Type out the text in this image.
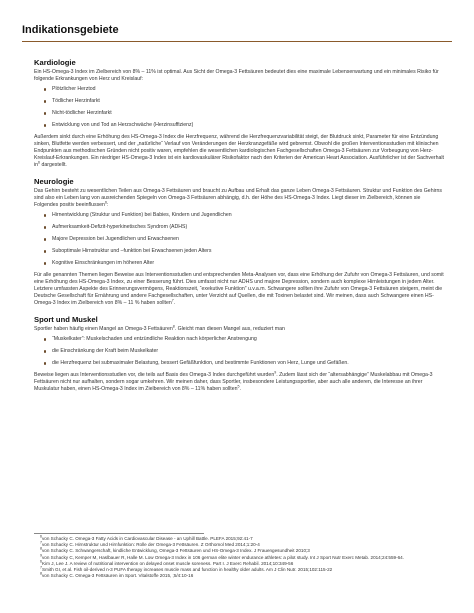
Indikationsgebiete
Kardiologie

Ein HS-Omega-3 Index im Zielbereich von 8% – 11% ist optimal. Aus Sicht der Omega-3 Fettsäuren bedeutet dies eine maximale Lebenserwartung und ein minimales Risiko für folgende Erkrankungen von Herz und Kreislauf:

Plötzlicher Herztod
Tödlicher Herzinfarkt
Nicht-tödlicher Herzinfarkt
Entwicklung von und Tod an Herzschwäche (Herzinsuffizienz)

Außerdem sinkt durch eine Erhöhung des HS-Omega-3 Index die Herzfrequenz, während die Herzfrequenzvariabilität steigt, der Blutdruck sinkt, Parameter für eine Entzündung sinken, Blutfette werden verbessert, und der „natürliche“ Verlauf von Veränderungen der Herzkranzgefäße wird gebremst. Obwohl die großen Interventionsstudien mit klinischen Endpunkten aus methodischen Gründen nicht positiv waren, empfehlen die wesentlichen kardiologischen Fachgesellschaften Omega-3 Fettsäuren zur Vorbeugung von Herz-Kreislauf-Erkrankungen. Ein niedriger HS-Omega-3 Index ist ein kardiovaskulärer Risikofaktor nach den Kriterien der American Heart Association. Ausführlicher ist der Sachverhalt $in^6$ dargestellt.

Neurologie

Das Gehirn besteht zu wesentlichen Teilen aus Omega-3 Fettsäuren und braucht zu Aufbau und Erhalt das ganze Leben Omega-3 Fettsäuren. Struktur und Funktion des Gehirns sind also ein Leben lang von ausreichenden Spiegeln von Omega-3 Fettsäuren abhängig, d.h. der Höhe des HS-Omega-3 Index. Liegt dieser im Zielbereich, können sie Folgendes positiv beeinflussen$^6$:

Hirnentwicklung (Struktur und Funktion) bei Babies, Kindern und Jugendlichen
Aufmerksamkeit-Defizit-hyperkinetisches Syndrom (ADHS)
Majore Depression bei Jugendlichen und Erwachsenen
Suboptimale Hirnstruktur und –funktion bei Erwachsenen jeden Alters
Kognitive Einschränkungen im höheren Alter

Für alle genannten Themen liegen Beweise aus Interventionsstudien und entsprechenden Meta-Analysen vor, dass eine Erhöhung der Zufuhr von Omega-3 Fettsäuren, und somit eine Erhöhung des HS-Omega-3 Index, zu einer Besserung führt. Dies umfasst nicht nur ADHS und majore Depression, sondern auch komplexe Hirnleistungen in jedem Alter. Letztere umfassten Aspekte des Erinnerungsvermögens, Reaktionszeit, “exekutive Funktion” u.v.a.m. Schwangere sollten ihre Zufuhr von Omega-3 Fettsäuren steigern, meint die Deutsche Gesellschaft für Ernährung und andere Fachgesellschaften, unter Verzicht auf Quellen, die mit Toxinen belastet sind. Wir meinen, dass auch Schwangere einen HS-Omega-3 Index im Zielbereich von 8% – 11 % haben sollten$^7$.

Sport und Muskel

Sportler haben häufig einen Mangel an Omega-3 Fettsäuren$^8$. Gleicht man diesen Mangel aus, reduziert man

“Muskelkater”: Muskelschaden und entzündliche Reaktion nach körperlicher Anstrengung
die Einschränkung der Kraft beim Muskelkater
die Herzfrequenz bei submaximaler Belastung, bessert Gefäßfunktion, und bestimmte Funktionen von Herz, Lunge und Gefäßen.

Beweise liegen aus Interventionsstudien vor, die teils auf Basis des Omega-3 Index durchgeführt wurden$^9$. Zudem lässt sich der “altersabhängige” Muskelabbau mit Omega-3 Fettsäuren nicht nur aufhalten, sondern sogar umkehren. Wir meinen daher, dass Sportler, insbesondere Leistungssportler, aber auch alle anderen, die Interesse an ihrer Muskulatur haben, einen HS-Omega-3 Index im Zielbereich von 8% – 11% haben sollten$^5$.

$^6$von Schacky C. Omega-3 Fatty Acids in Cardiovascular Disease - an Uphill Battle. PLEFA 2015;92:41-7
$^7$von Schacky C. Hirnstruktur und Hirnfunktion: Rolle der Omega-3 Fettsäuren. Z Orthomol Med 2014;1:20-4
$^8$von Schacky C. Schwangerschaft, kindliche Entwicklung, Omega-3 Fettsäuren und HS-Omega-3 Index. J Frauengesundheit 2010;3
$^9$von Schacky C, Kemper M, Haslbauer R, Halle M. Low Omega-3 Index in 106 german elite winter endurance athletes: a pilot study. Int J Sport Nutr Exerc Metab. 2014;24:559-64.
$^6$Kim J, Lee J. A review of nutritional intervention on delayed onset muscle soreness. Part I. J Exerc Rehabil. 2014;10:349-56
$^7$Smith GI, et al. Fish oil-derived n-3 PUFA therapy increases muscle mass and function in healthy older adults. Am J Clin Nutr. 2015;102:115-22
$^8$von Schacky C. Omega-3 Fettsäuren im Sport. Vitalstoffe 2015, ;5/4:10-16
